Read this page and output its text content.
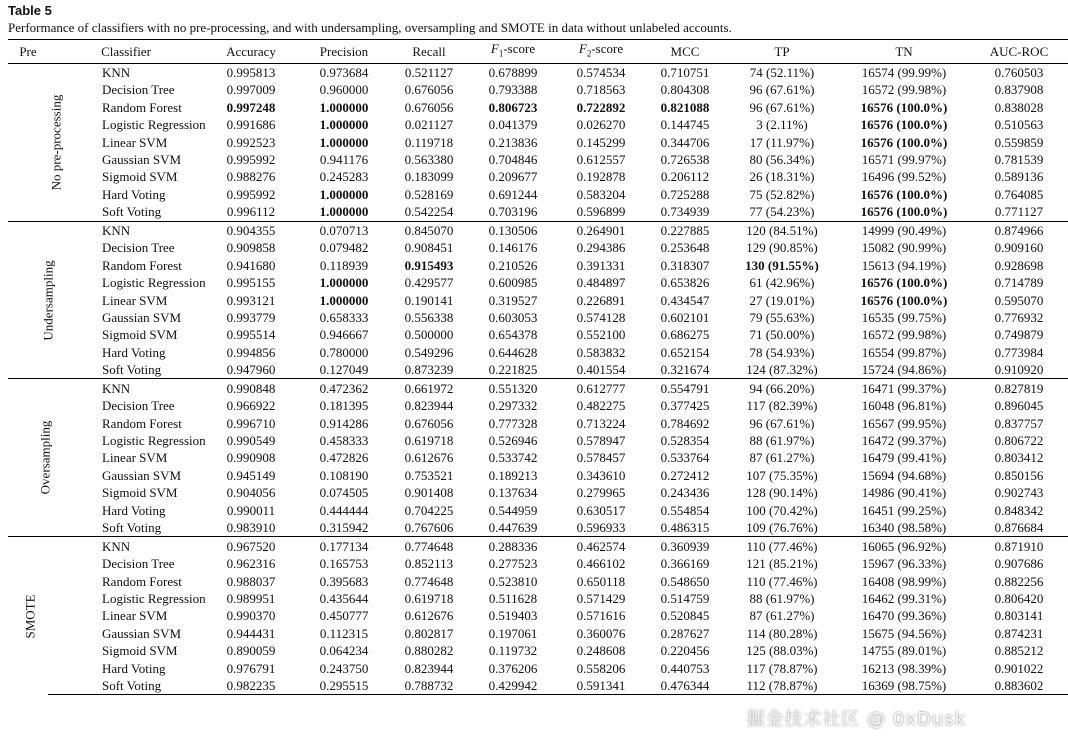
Table 5
Performance of classifiers with no pre-processing, and with undersampling, oversampling and SMOTE in data without unlabeled accounts.
Pre	Classifier	Accuracy	Precision	Recall	$F_1$-score	$F_2$-score	MCC	TP	TN	AUC-ROC
No pre-processing	KNN	0.995813	0.973684	0.521127	0.678899	0.574534	0.710751	74 (52.11%)	16574 (99.99%)	0.760503
	Decision Tree	0.997009	0.960000	0.676056	0.793388	0.718563	0.804308	96 (67.61%)	16572 (99.98%)	0.837908
	Random Forest	0.997248	1.000000	0.676056	0.806723	0.722892	0.821088	96 (67.61%)	16576 (100.0%)	0.838028
	Logistic Regression	0.991686	1.000000	0.021127	0.041379	0.026270	0.144745	3 (2.11%)	16576 (100.0%)	0.510563
	Linear SVM	0.992523	1.000000	0.119718	0.213836	0.145299	0.344706	17 (11.97%)	16576 (100.0%)	0.559859
	Gaussian SVM	0.995992	0.941176	0.563380	0.704846	0.612557	0.726538	80 (56.34%)	16571 (99.97%)	0.781539
	Sigmoid SVM	0.988276	0.245283	0.183099	0.209677	0.192878	0.206112	26 (18.31%)	16496 (99.52%)	0.589136
	Hard Voting	0.995992	1.000000	0.528169	0.691244	0.583204	0.725288	75 (52.82%)	16576 (100.0%)	0.764085
	Soft Voting	0.996112	1.000000	0.542254	0.703196	0.596899	0.734939	77 (54.23%)	16576 (100.0%)	0.771127
Undersampling	KNN	0.904355	0.070713	0.845070	0.130506	0.264901	0.227885	120 (84.51%)	14999 (90.49%)	0.874966
	Decision Tree	0.909858	0.079482	0.908451	0.146176	0.294386	0.253648	129 (90.85%)	15082 (90.99%)	0.909160
	Random Forest	0.941680	0.118939	0.915493	0.210526	0.391331	0.318307	130 (91.55%)	15613 (94.19%)	0.928698
	Logistic Regression	0.995155	1.000000	0.429577	0.600985	0.484897	0.653826	61 (42.96%)	16576 (100.0%)	0.714789
	Linear SVM	0.993121	1.000000	0.190141	0.319527	0.226891	0.434547	27 (19.01%)	16576 (100.0%)	0.595070
	Gaussian SVM	0.993779	0.658333	0.556338	0.603053	0.574128	0.602101	79 (55.63%)	16535 (99.75%)	0.776932
	Sigmoid SVM	0.995514	0.946667	0.500000	0.654378	0.552100	0.686275	71 (50.00%)	16572 (99.98%)	0.749879
	Hard Voting	0.994856	0.780000	0.549296	0.644628	0.583832	0.652154	78 (54.93%)	16554 (99.87%)	0.773984
	Soft Voting	0.947960	0.127049	0.873239	0.221825	0.401554	0.321674	124 (87.32%)	15724 (94.86%)	0.910920
Oversampling	KNN	0.990848	0.472362	0.661972	0.551320	0.612777	0.554791	94 (66.20%)	16471 (99.37%)	0.827819
	Decision Tree	0.966922	0.181395	0.823944	0.297332	0.482275	0.377425	117 (82.39%)	16048 (96.81%)	0.896045
	Random Forest	0.996710	0.914286	0.676056	0.777328	0.713224	0.784692	96 (67.61%)	16567 (99.95%)	0.837757
	Logistic Regression	0.990549	0.458333	0.619718	0.526946	0.578947	0.528354	88 (61.97%)	16472 (99.37%)	0.806722
	Linear SVM	0.990908	0.472826	0.612676	0.533742	0.578457	0.533764	87 (61.27%)	16479 (99.41%)	0.803412
	Gaussian SVM	0.945149	0.108190	0.753521	0.189213	0.343610	0.272412	107 (75.35%)	15694 (94.68%)	0.850156
	Sigmoid SVM	0.904056	0.074505	0.901408	0.137634	0.279965	0.243436	128 (90.14%)	14986 (90.41%)	0.902743
	Hard Voting	0.990011	0.444444	0.704225	0.544959	0.630517	0.554854	100 (70.42%)	16451 (99.25%)	0.848342
	Soft Voting	0.983910	0.315942	0.767606	0.447639	0.596933	0.486315	109 (76.76%)	16340 (98.58%)	0.876684
SMOTE	KNN	0.967520	0.177134	0.774648	0.288336	0.462574	0.360939	110 (77.46%)	16065 (96.92%)	0.871910
	Decision Tree	0.962316	0.165753	0.852113	0.277523	0.466102	0.366169	121 (85.21%)	15967 (96.33%)	0.907686
	Random Forest	0.988037	0.395683	0.774648	0.523810	0.650118	0.548650	110 (77.46%)	16408 (98.99%)	0.882256
	Logistic Regression	0.989951	0.435644	0.619718	0.511628	0.571429	0.514759	88 (61.97%)	16462 (99.31%)	0.806420
	Linear SVM	0.990370	0.450777	0.612676	0.519403	0.571616	0.520845	87 (61.27%)	16470 (99.36%)	0.803141
	Gaussian SVM	0.944431	0.112315	0.802817	0.197061	0.360076	0.287627	114 (80.28%)	15675 (94.56%)	0.874231
	Sigmoid SVM	0.890059	0.064234	0.880282	0.119732	0.248608	0.220456	125 (88.03%)	14755 (89.01%)	0.885212
	Hard Voting	0.976791	0.243750	0.823944	0.376206	0.558206	0.440753	117 (78.87%)	16213 (98.39%)	0.901022
	Soft Voting	0.982235	0.295515	0.788732	0.429942	0.591341	0.476344	112 (78.87%)	16369 (98.75%)	0.883602
掘金技术社区 @ 0xDusk
